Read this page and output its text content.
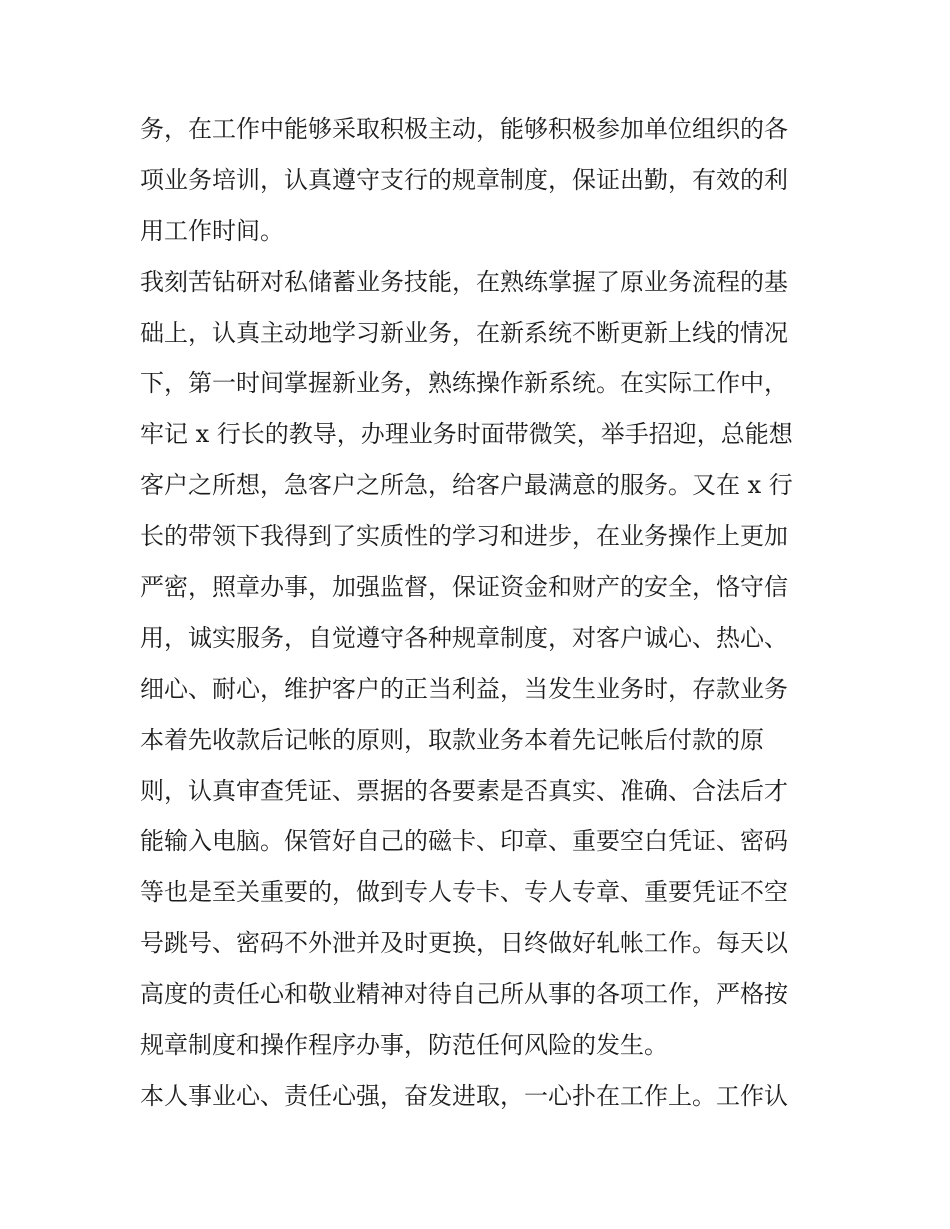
务，在工作中能够采取积极主动，能够积极参加单位组织的各
项业务培训，认真遵守支行的规章制度，保证出勤，有效的利
用工作时间。
我刻苦钻研对私储蓄业务技能，在熟练掌握了原业务流程的基
础上，认真主动地学习新业务，在新系统不断更新上线的情况
下，第一时间掌握新业务，熟练操作新系统。在实际工作中，
牢记 x 行长的教导，办理业务时面带微笑，举手招迎，总能想
客户之所想，急客户之所急，给客户最满意的服务。又在 x 行
长的带领下我得到了实质性的学习和进步，在业务操作上更加
严密，照章办事，加强监督，保证资金和财产的安全，恪守信
用，诚实服务，自觉遵守各种规章制度，对客户诚心、热心、
细心、耐心，维护客户的正当利益，当发生业务时，存款业务
本着先收款后记帐的原则，取款业务本着先记帐后付款的原
则，认真审查凭证、票据的各要素是否真实、准确、合法后才
能输入电脑。保管好自己的磁卡、印章、重要空白凭证、密码
等也是至关重要的，做到专人专卡、专人专章、重要凭证不空
号跳号、密码不外泄并及时更换，日终做好轧帐工作。每天以
高度的责任心和敬业精神对待自己所从事的各项工作，严格按
规章制度和操作程序办事，防范任何风险的发生。
本人事业心、责任心强，奋发进取，一心扑在工作上。工作认
